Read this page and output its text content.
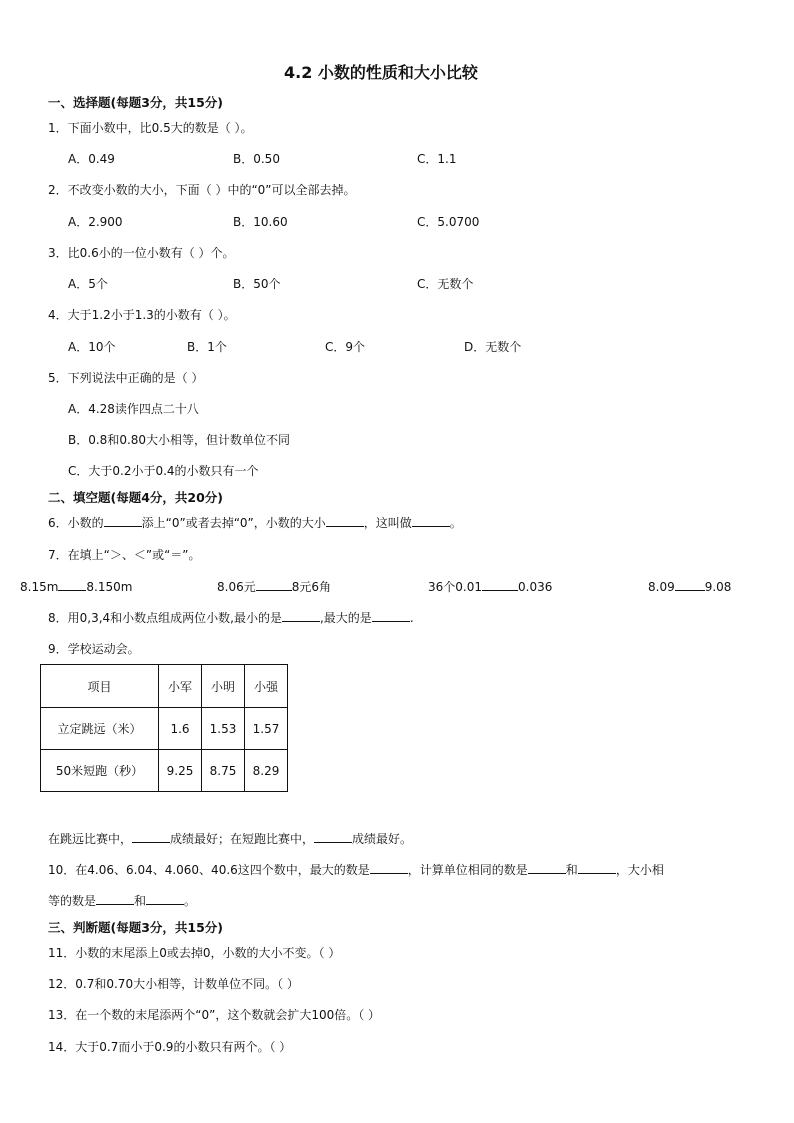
4.2 小数的性质和大小比较
一、选择题(每题3分，共15分)
1．下面小数中，比0.5大的数是（ ）。
A．0.49	B．0.50	C．1.1
2．不改变小数的大小，下面（ ）中的“0”可以全部去掉。
A．2.900	B．10.60	C．5.0700
3．比0.6小的一位小数有（ ）个。
A．5个	B．50个	C．无数个
4．大于1.2小于1.3的小数有（ ）。
A．10个	B．1个	C．9个	D．无数个
5．下列说法中正确的是（ ）
A．4.28读作四点二十八
B．0.8和0.80大小相等，但计数单位不同
C．大于0.2小于0.4的小数只有一个
二、填空题(每题4分，共20分)
6．小数的	添上“0”或者去掉“0”，小数的大小	，这叫做	。
7．在填上“＞、＜”或“＝”。
8.15m 8.150m	8.06元	8元6角	36个0.01	0.036	8.09	9.08
8．用0,3,4和小数点组成两位小数,最小的是	,最大的是	.
9．学校运动会。
项目	小军	小明	小强
立定跳远（米）	1.6	1.53	1.57
50米短跑（秒）	9.25	8.75	8.29
在跳远比赛中，	成绩最好；在短跑比赛中，	成绩最好。
10．在4.06、6.04、4.060、40.6这四个数中，最大的数是	，计算单位相同的数是	和	，大小相
等的数是	和	。
三、判断题(每题3分，共15分)
11．小数的末尾添上0或去掉0，小数的大小不变。（ ）
12．0.7和0.70大小相等，计数单位不同。（ ）
13．在一个数的末尾添两个“0”，这个数就会扩大100倍。（ ）
14．大于0.7而小于0.9的小数只有两个。（ ）
